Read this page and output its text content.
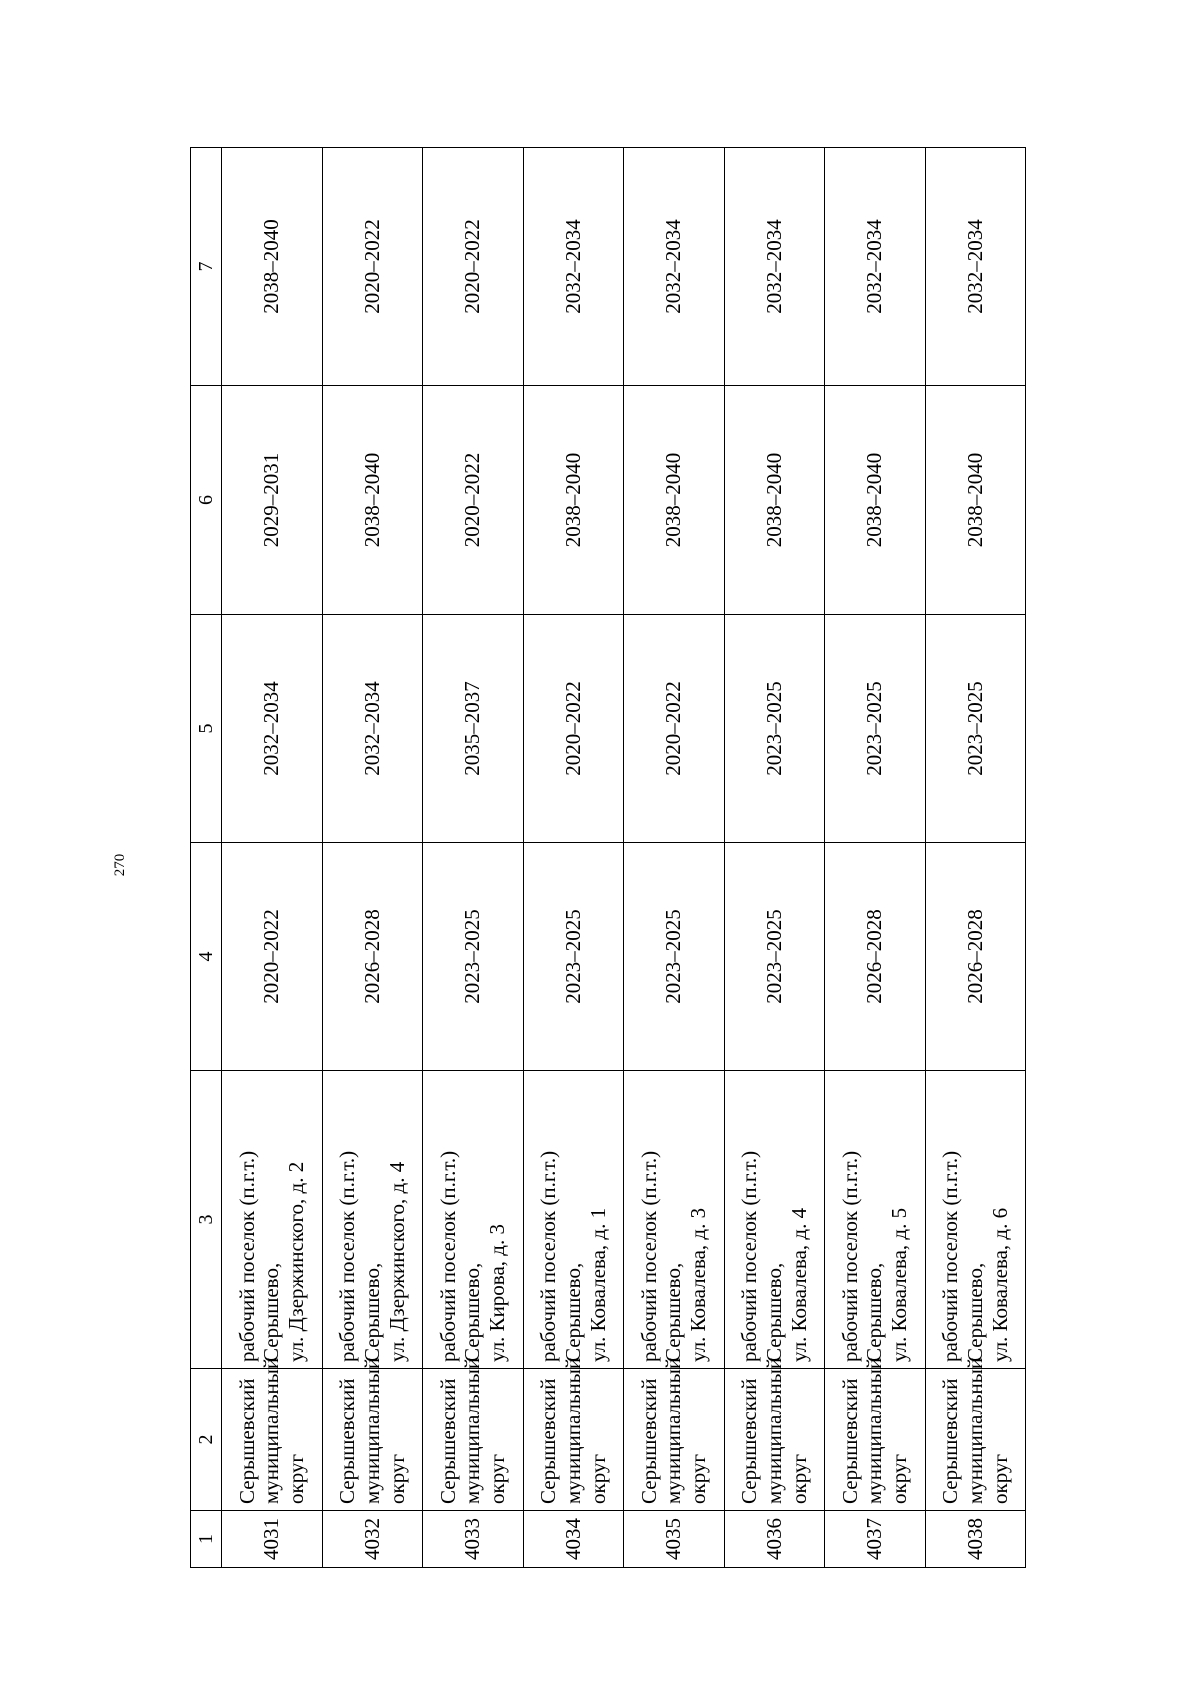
270
1	2	3	4	5	6	7
4031	Серышевский муниципальный округ	рабочий поселок (п.г.т.) Серышево, ул. Дзержинского, д. 2	2020–2022	2032–2034	2029–2031	2038–2040
4032	Серышевский муниципальный округ	рабочий поселок (п.г.т.) Серышево, ул. Дзержинского, д. 4	2026–2028	2032–2034	2038–2040	2020–2022
4033	Серышевский муниципальный округ	рабочий поселок (п.г.т.) Серышево, ул. Кирова, д. 3	2023–2025	2035–2037	2020–2022	2020–2022
4034	Серышевский муниципальный округ	рабочий поселок (п.г.т.) Серышево, ул. Ковалева, д. 1	2023–2025	2020–2022	2038–2040	2032–2034
4035	Серышевский муниципальный округ	рабочий поселок (п.г.т.) Серышево, ул. Ковалева, д. 3	2023–2025	2020–2022	2038–2040	2032–2034
4036	Серышевский муниципальный округ	рабочий поселок (п.г.т.) Серышево, ул. Ковалева, д. 4	2023–2025	2023–2025	2038–2040	2032–2034
4037	Серышевский муниципальный округ	рабочий поселок (п.г.т.) Серышево, ул. Ковалева, д. 5	2026–2028	2023–2025	2038–2040	2032–2034
4038	Серышевский муниципальный округ	рабочий поселок (п.г.т.) Серышево, ул. Ковалева, д. 6	2026–2028	2023–2025	2038–2040	2032–2034
